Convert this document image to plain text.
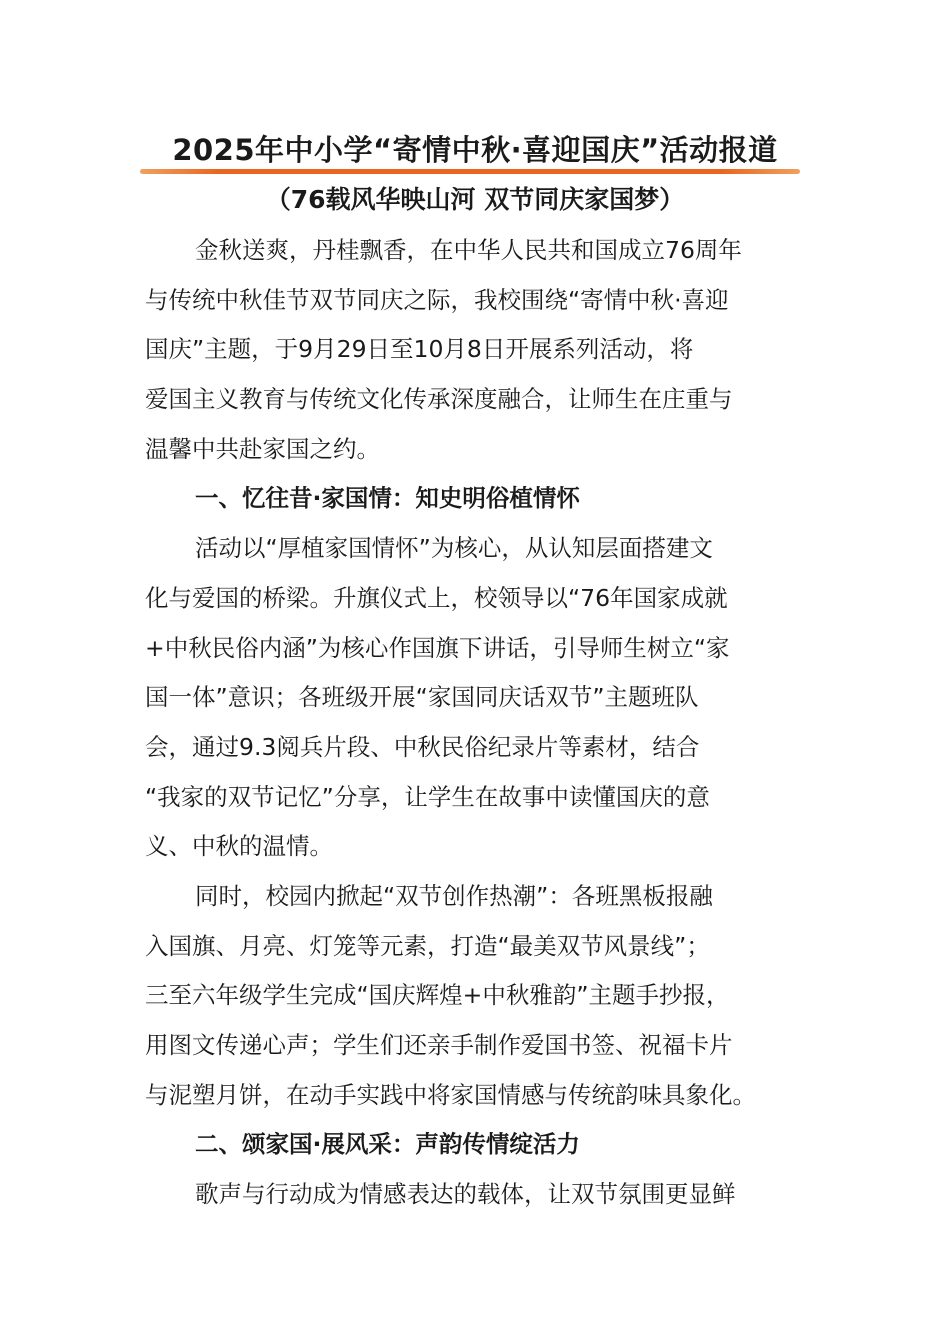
2025年中小学“寄情中秋·喜迎国庆”活动报道
（76载风华映山河 双节同庆家国梦）
金秋送爽，丹桂飘香，在中华人民共和国成立76周年
与传统中秋佳节双节同庆之际，我校围绕“寄情中秋·喜迎
国庆”主题，于9月29日至10月8日开展系列活动，将
爱国主义教育与传统文化传承深度融合，让师生在庄重与
温馨中共赴家国之约。
一、忆往昔·家国情：知史明俗植情怀
活动以“厚植家国情怀”为核心，从认知层面搭建文
化与爱国的桥梁。升旗仪式上，校领导以“76年国家成就
+中秋民俗内涵”为核心作国旗下讲话，引导师生树立“家
国一体”意识；各班级开展“家国同庆话双节”主题班队
会，通过9.3阅兵片段、中秋民俗纪录片等素材，结合
“我家的双节记忆”分享，让学生在故事中读懂国庆的意
义、中秋的温情。
同时，校园内掀起“双节创作热潮”：各班黑板报融
入国旗、月亮、灯笼等元素，打造“最美双节风景线”；
三至六年级学生完成“国庆辉煌+中秋雅韵”主题手抄报，
用图文传递心声；学生们还亲手制作爱国书签、祝福卡片
与泥塑月饼，在动手实践中将家国情感与传统韵味具象化。
二、颂家国·展风采：声韵传情绽活力
歌声与行动成为情感表达的载体，让双节氛围更显鲜
